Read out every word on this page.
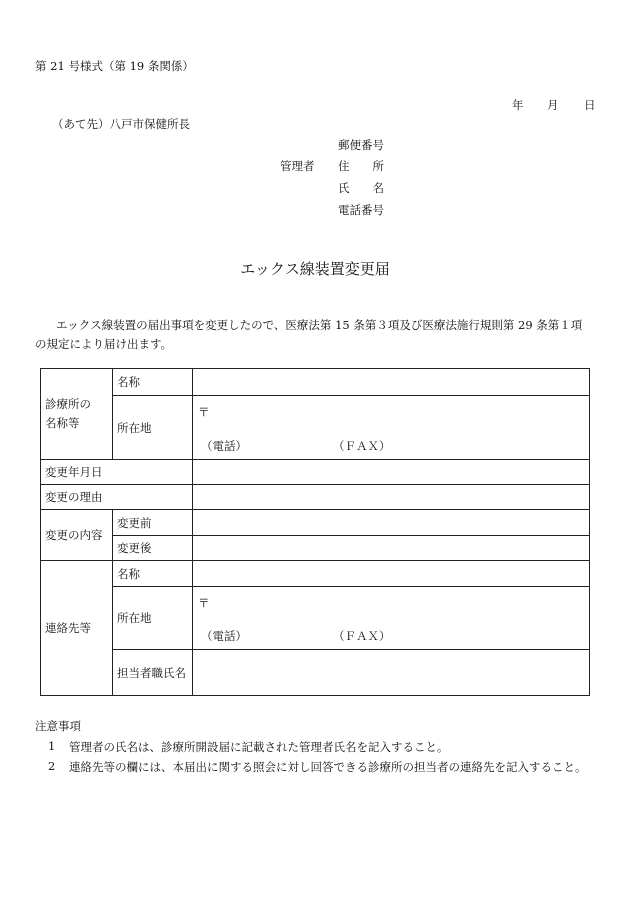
第 21 号様式（第 19 条関係）
年 月 日
（あて先）八戸市保健所長
管理者
郵便番号
住　　所
氏　　名
電話番号
エックス線装置変更届
エックス線装置の届出事項を変更したので、医療法第 15 条第３項及び医療法施行規則第 29 条第１項
の規定により届け出ます。
診療所の
名称等	名称	
	所在地	〒
（電話） （ＦＡＸ）

変更年月日		
変更の理由		
変更の内容	変更前	
	変更後	
連絡先等	名称	
	所在地	〒
（電話） （ＦＡＸ）

	担当者職氏名	
注意事項
1 管理者の氏名は、診療所開設届に記載された管理者氏名を記入すること。
2 連絡先等の欄には、本届出に関する照会に対し回答できる診療所の担当者の連絡先を記入すること。
